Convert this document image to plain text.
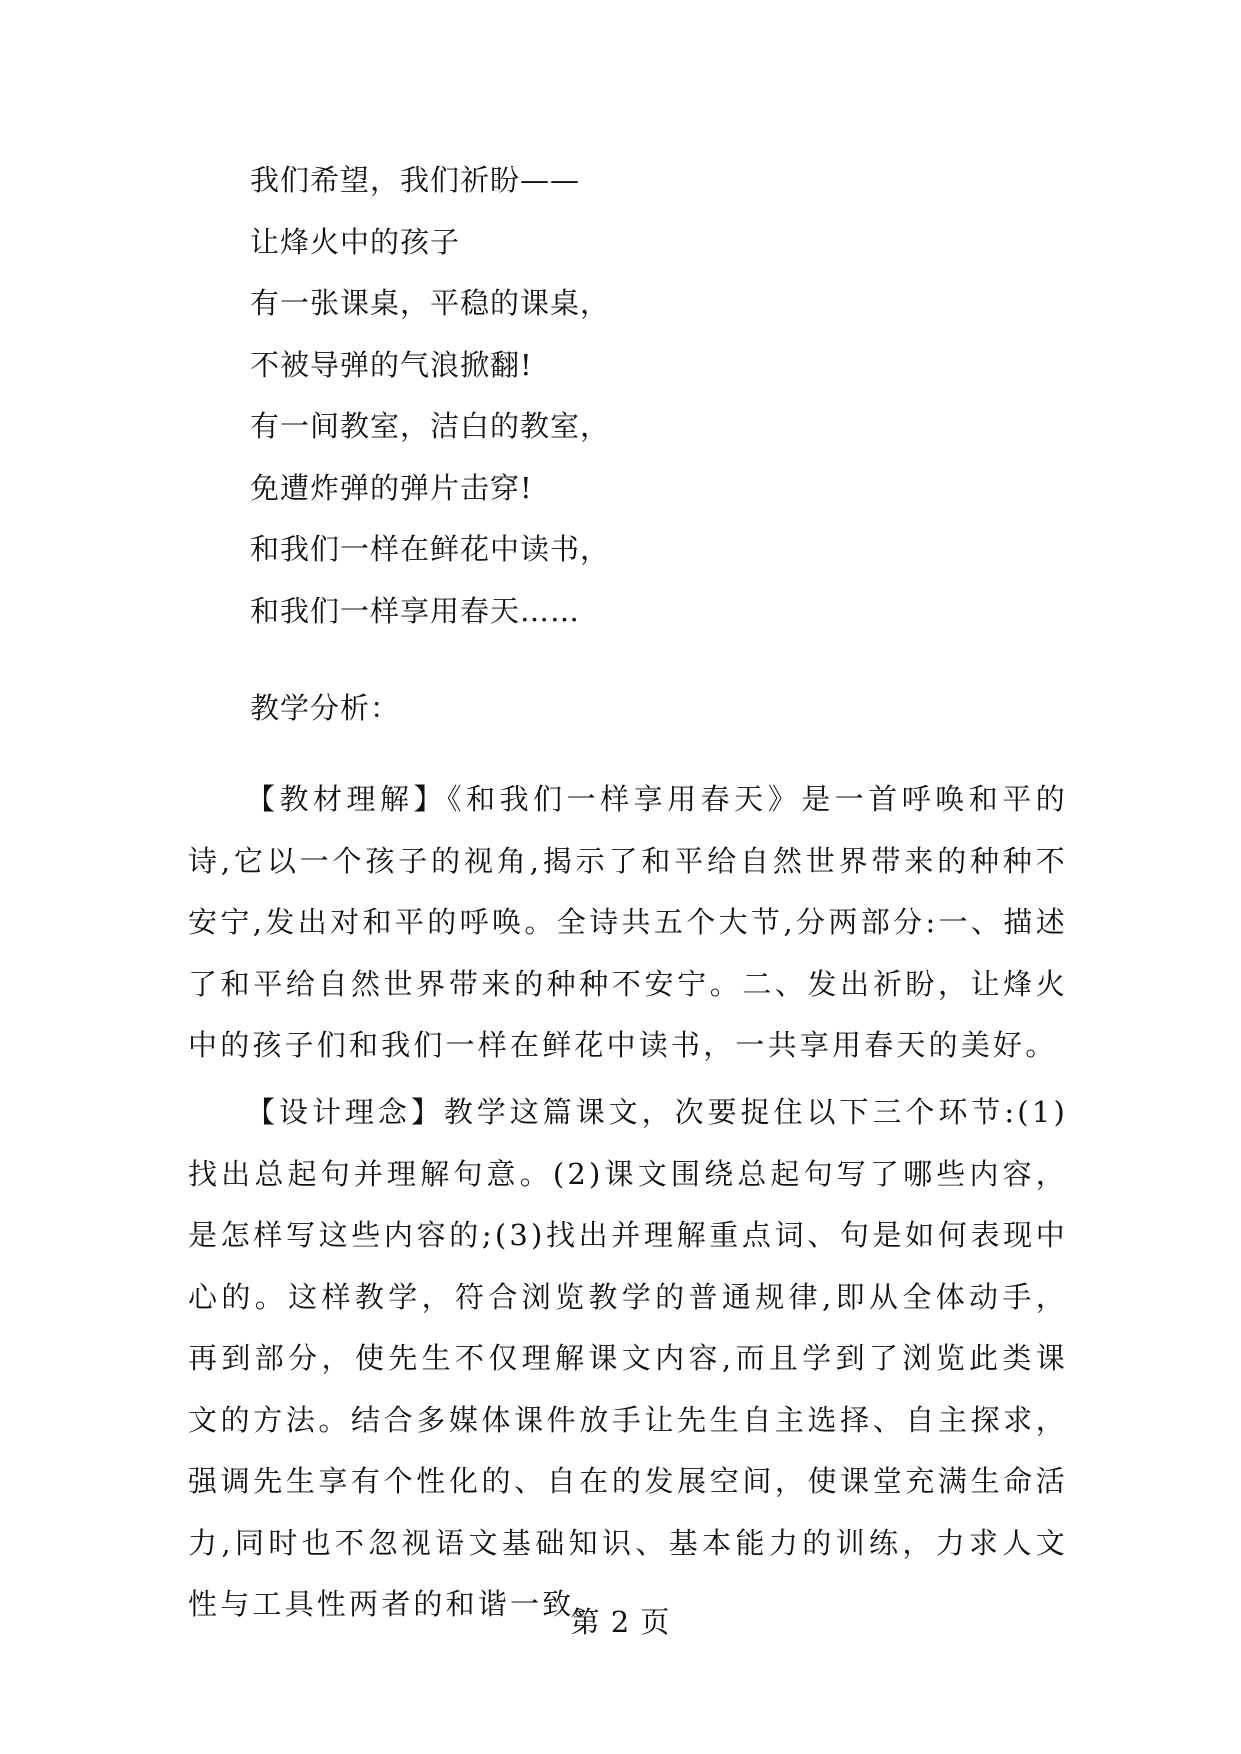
我们希望，我们祈盼——
让烽火中的孩子
有一张课桌，平稳的课桌，
不被导弹的气浪掀翻!
有一间教室，洁白的教室，
免遭炸弹的弹片击穿!
和我们一样在鲜花中读书，
和我们一样享用春天……
教学分析：

【教材理解】《和我们一样享用春天》是一首呼唤和平的诗,它以一个孩子的视角,揭示了和平给自然世界带来的种种不安宁,发出对和平的呼唤。全诗共五个大节,分两部分:一、描述了和平给自然世界带来的种种不安宁。二、发出祈盼，让烽火中的孩子们和我们一样在鲜花中读书，一共享用春天的美好。

【设计理念】教学这篇课文，次要捉住以下三个环节:(1)找出总起句并理解句意。(2)课文围绕总起句写了哪些内容，是怎样写这些内容的;(3)找出并理解重点词、句是如何表现中心的。这样教学，符合浏览教学的普通规律,即从全体动手，再到部分，使先生不仅理解课文内容,而且学到了浏览此类课文的方法。结合多媒体课件放手让先生自主选择、自主探求，强调先生享有个性化的、自在的发展空间，使课堂充满生命活力,同时也不忽视语文基础知识、基本能力的训练，力求人文性与工具性两者的和谐一致。

第 2 页
